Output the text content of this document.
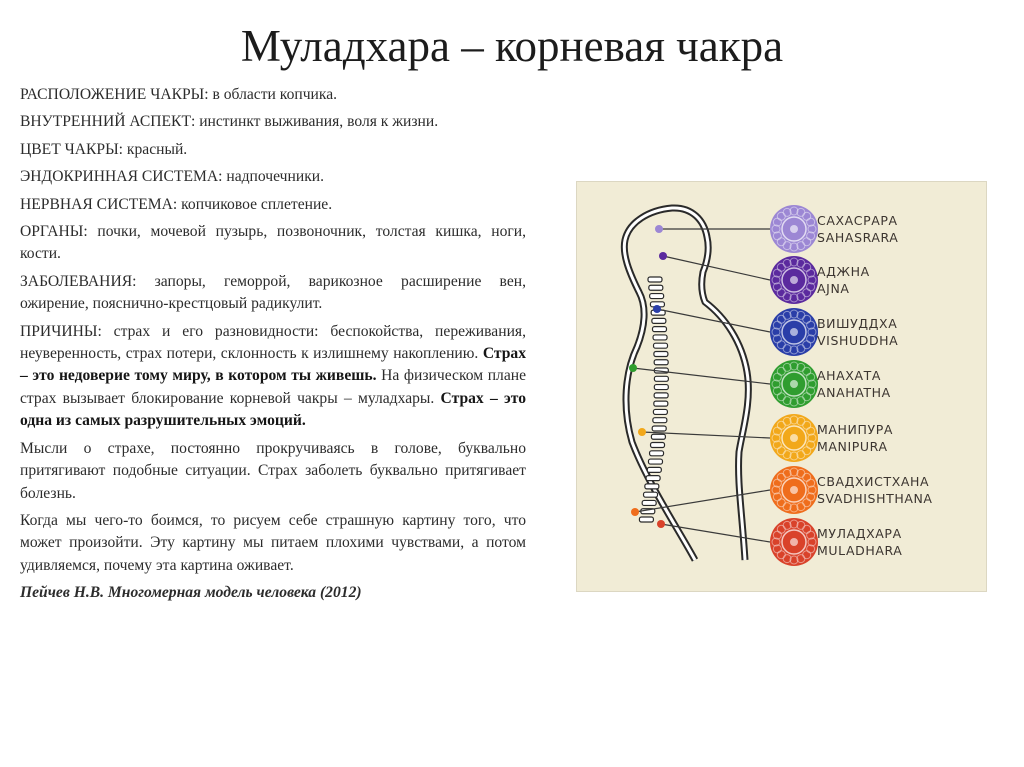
Муладхара – корневая чакра

РАСПОЛОЖЕНИЕ ЧАКРЫ: в области копчика.

ВНУТРЕННИЙ АСПЕКТ: инстинкт выживания, воля к жизни.

ЦВЕТ ЧАКРЫ: красный.

ЭНДОКРИННАЯ СИСТЕМА: надпочечники.

НЕРВНАЯ СИСТЕМА: копчиковое сплетение.

ОРГАНЫ: почки, мочевой пузырь, позвоночник, толстая кишка, ноги, кости.

ЗАБОЛЕВАНИЯ: запоры, геморрой, варикозное расширение вен, ожирение, пояснично-крестцовый радикулит.

ПРИЧИНЫ: страх и его разновидности: беспокойства, переживания, неуверенность, страх потери, склонность к излишнему накоплению. Страх – это недоверие тому миру, в котором ты живешь. На физическом плане страх вызывает блокирование корневой чакры – муладхары. Страх – это одна из самых разрушительных эмоций.

Мысли о страхе, постоянно прокручиваясь в голове, буквально притягивают подобные ситуации. Страх заболеть буквально притягивает болезнь.

Когда мы чего-то боимся, то рисуем себе страшную картину того, что может произойти. Эту картину мы питаем плохими чувствами, а потом удивляемся, почему эта картина оживает.

Пейчев Н.В. Многомерная модель человека (2012)

САХАСРАРА
SAHASRARA
АДЖНА
AJNA
ВИШУДДХА
VISHUDDHA
АНАХАТА
ANAHATHA
МАНИПУРА
MANIPURA
СВАДХИСТХАНА
SVADHISHTHANA
МУЛАДХАРА
MULADHARA
